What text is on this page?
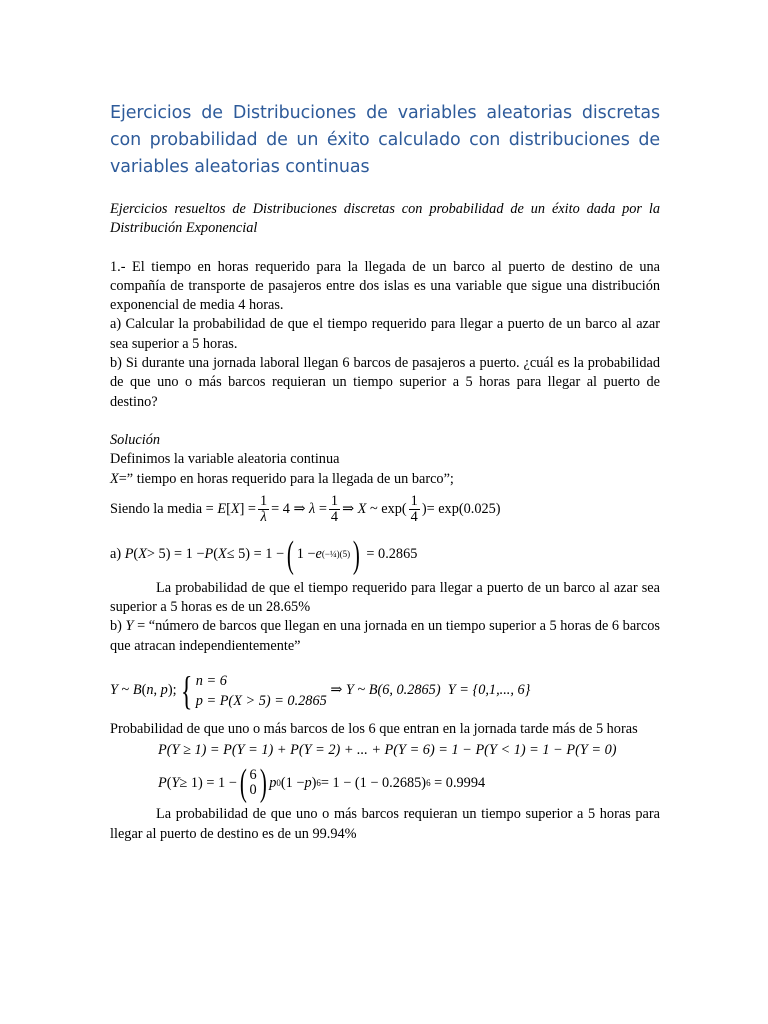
Ejercicios de Distribuciones de variables aleatorias discretas con probabilidad de un éxito calculado con distribuciones de variables aleatorias continuas

Ejercicios resueltos de Distribuciones discretas con probabilidad de un éxito dada por la Distribución Exponencial

1.- El tiempo en horas requerido para la llegada de un barco al puerto de destino de una compañía de transporte de pasajeros entre dos islas es una variable que sigue una distribución exponencial de media 4 horas.

a) Calcular la probabilidad de que el tiempo requerido para llegar a puerto de un barco al azar sea superior a 5 horas.

b) Si durante una jornada laboral llegan 6 barcos de pasajeros a puerto. ¿cuál es la probabilidad de que uno o más barcos requieran un tiempo superior a 5 horas para llegar al puerto de destino?

Solución

Definimos la variable aleatoria continua

X=” tiempo en horas requerido para la llegada de un barco”;

Siendo la media =
E [ X ] = $\frac{1}{\lambda} = 4$ ⇒ $\lambda = \frac{1}{4}$ ⇒ X ~ $\exp( \frac{1}{4}$ ) = exp(0.025)
a)
P ( X > 5) = 1 − P ( X ≤ 5) = 1 − ( 1 − e (−¼)(5) )
= 0.2865

La probabilidad de que el tiempo requerido para llegar a puerto de un barco al azar sea superior a 5 horas es de un 28.65%

b) Y = “número de barcos que llegan en una jornada en un tiempo superior a 5 horas de 6 barcos que atracan independientemente”

Y ~ B ( n , p ); { n = 6
p = P(X > 5) = 0.2865

⇒ Y ~ B(6, 0.2865)
Y = {0,1,..., 6}

Probabilidad de que uno o más barcos de los 6 que entran en la jornada tarde más de 5 horas

P(Y ≥ 1) = P(Y = 1) + P(Y = 2) + ... + P(Y = 6) = 1 − P(Y < 1) = 1 − P(Y = 0)
P ( Y ≥ 1) = 1 − ( 6
0 ) p 0 (1 − p ) 6 = 1 − (1 − 0.2685) 6
= 0.9994

La probabilidad de que uno o más barcos requieran un tiempo superior a 5 horas para llegar al puerto de destino es de un 99.94%
